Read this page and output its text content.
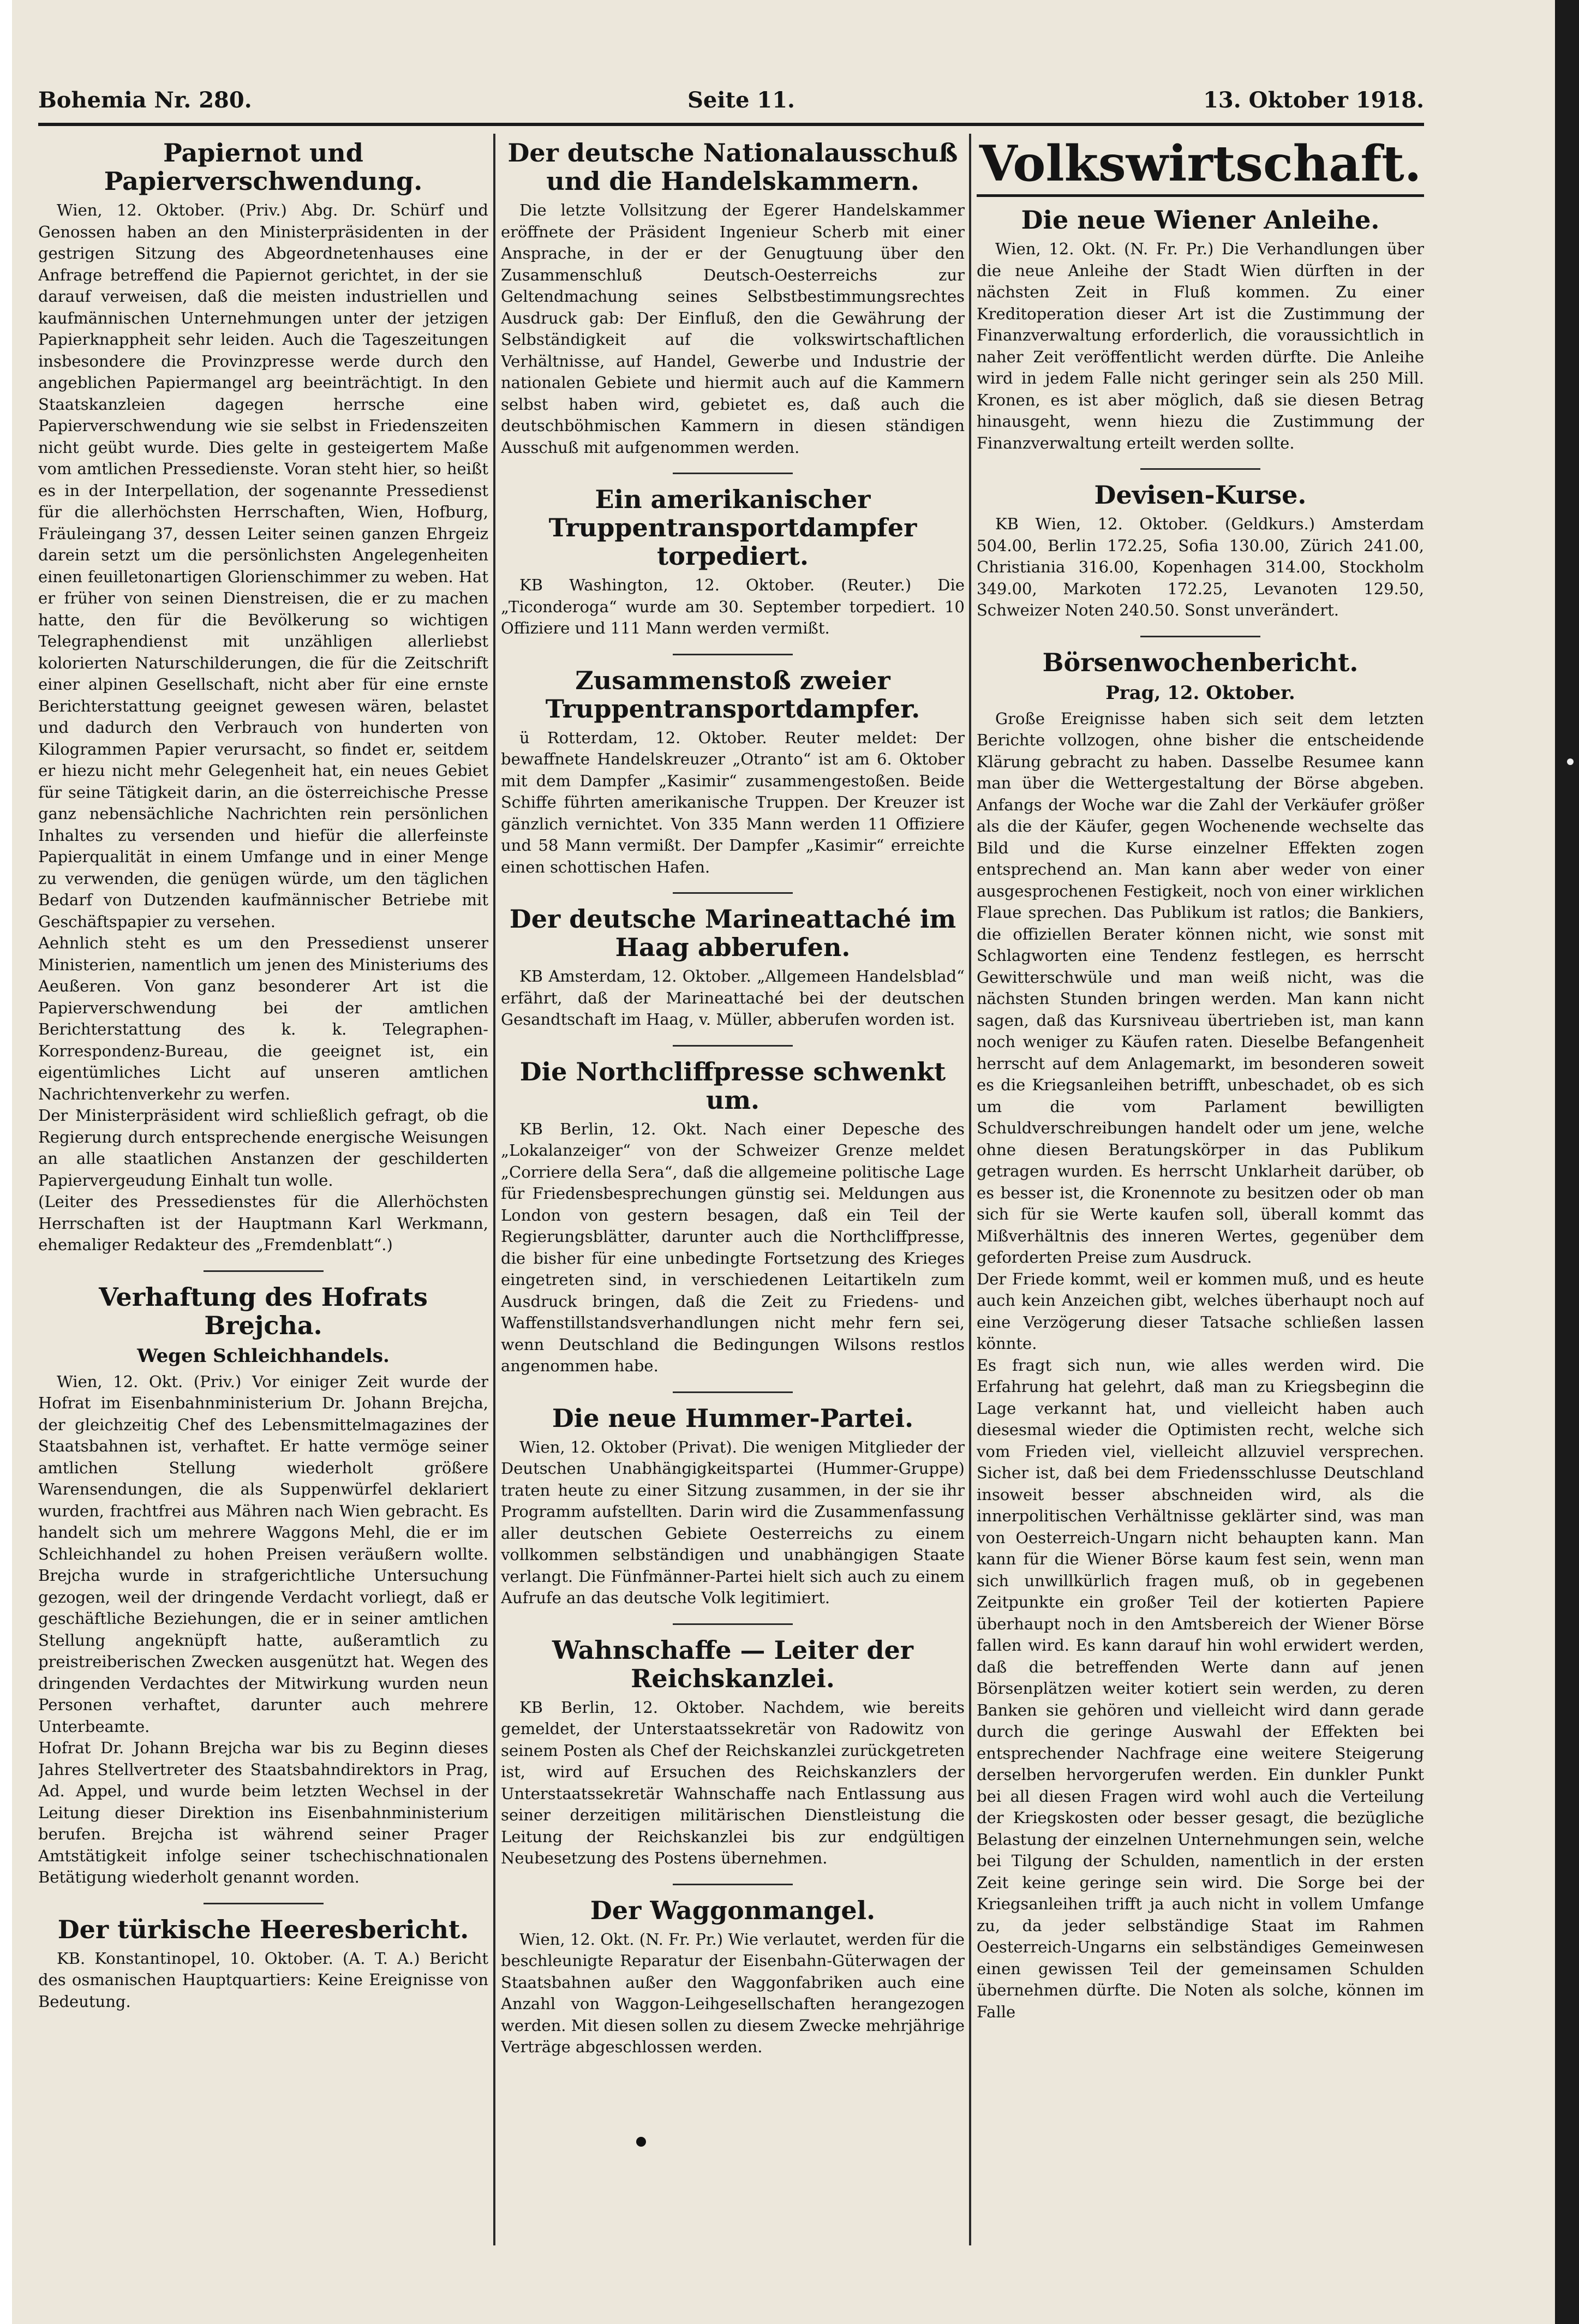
Bohemia Nr. 280.	Seite 11.	13. Oktober 1918.
Papiernot und Papierverschwendung.

Wien, 12. Oktober. (Priv.) Abg. Dr. Schürf und Genossen haben an den Ministerpräsidenten in der gestrigen Sitzung des Abgeordnetenhauses eine Anfrage betreffend die Papiernot gerichtet, in der sie darauf verweisen, daß die meisten industriellen und kaufmännischen Unternehmungen unter der jetzigen Papierknappheit sehr leiden. Auch die Tageszeitungen insbesondere die Provinzpresse werde durch den angeblichen Papiermangel arg beeinträchtigt. In den Staatskanzleien dagegen herrsche eine Papierverschwendung wie sie selbst in Friedenszeiten nicht geübt wurde. Dies gelte in gesteigertem Maße vom amtlichen Pressedienste. Voran steht hier, so heißt es in der Interpellation, der sogenannte Pressedienst für die allerhöchsten Herrschaften, Wien, Hofburg, Fräuleingang 37, dessen Leiter seinen ganzen Ehrgeiz darein setzt um die persönlichsten Angelegenheiten einen feuilletonartigen Glorienschimmer zu weben. Hat er früher von seinen Dienstreisen, die er zu machen hatte, den für die Bevölkerung so wichtigen Telegraphendienst mit unzähligen allerliebst kolorierten Naturschilderungen, die für die Zeitschrift einer alpinen Gesellschaft, nicht aber für eine ernste Berichterstattung geeignet gewesen wären, belastet und dadurch den Verbrauch von hunderten von Kilogrammen Papier verursacht, so findet er, seitdem er hiezu nicht mehr Gelegenheit hat, ein neues Gebiet für seine Tätigkeit darin, an die österreichische Presse ganz nebensächliche Nachrichten rein persönlichen Inhaltes zu versenden und hiefür die allerfeinste Papierqualität in einem Umfange und in einer Menge zu verwenden, die genügen würde, um den täglichen Bedarf von Dutzenden kaufmännischer Betriebe mit Geschäftspapier zu versehen.
Aehnlich steht es um den Pressedienst unserer Ministerien, namentlich um jenen des Ministeriums des Aeußeren. Von ganz besonderer Art ist die Papierverschwendung bei der amtlichen Berichterstattung des k. k. Telegraphen-Korrespondenz-Bureau, die geeignet ist, ein eigentümliches Licht auf unseren amtlichen Nachrichtenverkehr zu werfen.
Der Ministerpräsident wird schließlich gefragt, ob die Regierung durch entsprechende energische Weisungen an alle staatlichen Anstanzen der geschilderten Papiervergeudung Einhalt tun wolle.
(Leiter des Pressedienstes für die Allerhöchsten Herrschaften ist der Hauptmann Karl Werkmann, ehemaliger Redakteur des „Fremdenblatt“.)

Verhaftung des Hofrats Brejcha.
Wegen Schleichhandels.

Wien, 12. Okt. (Priv.) Vor einiger Zeit wurde der Hofrat im Eisenbahnministerium Dr. Johann Brejcha, der gleichzeitig Chef des Lebensmittelmagazines der Staatsbahnen ist, verhaftet. Er hatte vermöge seiner amtlichen Stellung wiederholt größere Warensendungen, die als Suppenwürfel deklariert wurden, frachtfrei aus Mähren nach Wien gebracht. Es handelt sich um mehrere Waggons Mehl, die er im Schleichhandel zu hohen Preisen veräußern wollte. Brejcha wurde in strafgerichtliche Untersuchung gezogen, weil der dringende Verdacht vorliegt, daß er geschäftliche Beziehungen, die er in seiner amtlichen Stellung angeknüpft hatte, außeramtlich zu preistreiberischen Zwecken ausgenützt hat. Wegen des dringenden Verdachtes der Mitwirkung wurden neun Personen verhaftet, darunter auch mehrere Unterbeamte.
Hofrat Dr. Johann Brejcha war bis zu Beginn dieses Jahres Stellvertreter des Staatsbahndirektors in Prag, Ad. Appel, und wurde beim letzten Wechsel in der Leitung dieser Direktion ins Eisenbahnministerium berufen. Brejcha ist während seiner Prager Amtstätigkeit infolge seiner tschechischnationalen Betätigung wiederholt genannt worden.

Der türkische Heeresbericht.

KB. Konstantinopel, 10. Oktober. (A. T. A.) Bericht des osmanischen Hauptquartiers: Keine Ereignisse von Bedeutung.

Der deutsche Nationalausschuß und die Handelskammern.

Die letzte Vollsitzung der Egerer Handelskammer eröffnete der Präsident Ingenieur Scherb mit einer Ansprache, in der er der Genugtuung über den Zusammenschluß Deutsch-Oesterreichs zur Geltendmachung seines Selbstbestimmungsrechtes Ausdruck gab: Der Einfluß, den die Gewährung der Selbständigkeit auf die volkswirtschaftlichen Verhältnisse, auf Handel, Gewerbe und Industrie der nationalen Gebiete und hiermit auch auf die Kammern selbst haben wird, gebietet es, daß auch die deutschböhmischen Kammern in diesen ständigen Ausschuß mit aufgenommen werden.

Ein amerikanischer Truppentransportdampfer torpediert.

KB Washington, 12. Oktober. (Reuter.) Die „Ticonderoga“ wurde am 30. September torpediert. 10 Offiziere und 111 Mann werden vermißt.

Zusammenstoß zweier Truppentransportdampfer.

ü Rotterdam, 12. Oktober. Reuter meldet: Der bewaffnete Handelskreuzer „Otranto“ ist am 6. Oktober mit dem Dampfer „Kasimir“ zusammengestoßen. Beide Schiffe führten amerikanische Truppen. Der Kreuzer ist gänzlich vernichtet. Von 335 Mann werden 11 Offiziere und 58 Mann vermißt. Der Dampfer „Kasimir“ erreichte einen schottischen Hafen.

Der deutsche Marineattaché im Haag abberufen.

KB Amsterdam, 12. Oktober. „Allgemeen Handelsblad“ erfährt, daß der Marineattaché bei der deutschen Gesandtschaft im Haag, v. Müller, abberufen worden ist.

Die Northcliffpresse schwenkt um.

KB Berlin, 12. Okt. Nach einer Depesche des „Lokalanzeiger“ von der Schweizer Grenze meldet „Corriere della Sera“, daß die allgemeine politische Lage für Friedensbesprechungen günstig sei. Meldungen aus London von gestern besagen, daß ein Teil der Regierungsblätter, darunter auch die Northcliffpresse, die bisher für eine unbedingte Fortsetzung des Krieges eingetreten sind, in verschiedenen Leitartikeln zum Ausdruck bringen, daß die Zeit zu Friedens- und Waffenstillstandsverhandlungen nicht mehr fern sei, wenn Deutschland die Bedingungen Wilsons restlos angenommen habe.

Die neue Hummer-Partei.

Wien, 12. Oktober (Privat). Die wenigen Mitglieder der Deutschen Unabhängigkeitspartei (Hummer-Gruppe) traten heute zu einer Sitzung zusammen, in der sie ihr Programm aufstellten. Darin wird die Zusammenfassung aller deutschen Gebiete Oesterreichs zu einem vollkommen selbständigen und unabhängigen Staate verlangt. Die Fünfmänner-Partei hielt sich auch zu einem Aufrufe an das deutsche Volk legitimiert.

Wahnschaffe — Leiter der Reichskanzlei.

KB Berlin, 12. Oktober. Nachdem, wie bereits gemeldet, der Unterstaatssekretär von Radowitz von seinem Posten als Chef der Reichskanzlei zurückgetreten ist, wird auf Ersuchen des Reichskanzlers der Unterstaatssekretär Wahnschaffe nach Entlassung aus seiner derzeitigen militärischen Dienstleistung die Leitung der Reichskanzlei bis zur endgültigen Neubesetzung des Postens übernehmen.

Der Waggonmangel.

Wien, 12. Okt. (N. Fr. Pr.) Wie verlautet, werden für die beschleunigte Reparatur der Eisenbahn-Güterwagen der Staatsbahnen außer den Waggonfabriken auch eine Anzahl von Waggon-Leihgesellschaften herangezogen werden. Mit diesen sollen zu diesem Zwecke mehrjährige Verträge abgeschlossen werden.

Volkswirtschaft.
Die neue Wiener Anleihe.

Wien, 12. Okt. (N. Fr. Pr.) Die Verhandlungen über die neue Anleihe der Stadt Wien dürften in der nächsten Zeit in Fluß kommen. Zu einer Kreditoperation dieser Art ist die Zustimmung der Finanzverwaltung erforderlich, die voraussichtlich in naher Zeit veröffentlicht werden dürfte. Die Anleihe wird in jedem Falle nicht geringer sein als 250 Mill. Kronen, es ist aber möglich, daß sie diesen Betrag hinausgeht, wenn hiezu die Zustimmung der Finanzverwaltung erteilt werden sollte.

Devisen-Kurse.

KB Wien, 12. Oktober. (Geldkurs.) Amsterdam 504.00, Berlin 172.25, Sofia 130.00, Zürich 241.00, Christiania 316.00, Kopenhagen 314.00, Stockholm 349.00, Markoten 172.25, Levanoten 129.50, Schweizer Noten 240.50. Sonst unverändert.

Börsenwochenbericht.
Prag, 12. Oktober.

Große Ereignisse haben sich seit dem letzten Berichte vollzogen, ohne bisher die entscheidende Klärung gebracht zu haben. Dasselbe Resumee kann man über die Wettergestaltung der Börse abgeben. Anfangs der Woche war die Zahl der Verkäufer größer als die der Käufer, gegen Wochenende wechselte das Bild und die Kurse einzelner Effekten zogen entsprechend an. Man kann aber weder von einer ausgesprochenen Festigkeit, noch von einer wirklichen Flaue sprechen. Das Publikum ist ratlos; die Bankiers, die offiziellen Berater können nicht, wie sonst mit Schlagworten eine Tendenz festlegen, es herrscht Gewitterschwüle und man weiß nicht, was die nächsten Stunden bringen werden. Man kann nicht sagen, daß das Kursniveau übertrieben ist, man kann noch weniger zu Käufen raten. Dieselbe Befangenheit herrscht auf dem Anlagemarkt, im besonderen soweit es die Kriegsanleihen betrifft, unbeschadet, ob es sich um die vom Parlament bewilligten Schuldverschreibungen handelt oder um jene, welche ohne diesen Beratungskörper in das Publikum getragen wurden. Es herrscht Unklarheit darüber, ob es besser ist, die Kronennote zu besitzen oder ob man sich für sie Werte kaufen soll, überall kommt das Mißverhältnis des inneren Wertes, gegenüber dem geforderten Preise zum Ausdruck.
Der Friede kommt, weil er kommen muß, und es heute auch kein Anzeichen gibt, welches überhaupt noch auf eine Verzögerung dieser Tatsache schließen lassen könnte.
Es fragt sich nun, wie alles werden wird. Die Erfahrung hat gelehrt, daß man zu Kriegsbeginn die Lage verkannt hat, und vielleicht haben auch diesesmal wieder die Optimisten recht, welche sich vom Frieden viel, vielleicht allzuviel versprechen. Sicher ist, daß bei dem Friedensschlusse Deutschland insoweit besser abschneiden wird, als die innerpolitischen Verhältnisse geklärter sind, was man von Oesterreich-Ungarn nicht behaupten kann. Man kann für die Wiener Börse kaum fest sein, wenn man sich unwillkürlich fragen muß, ob in gegebenen Zeitpunkte ein großer Teil der kotierten Papiere überhaupt noch in den Amtsbereich der Wiener Börse fallen wird. Es kann darauf hin wohl erwidert werden, daß die betreffenden Werte dann auf jenen Börsenplätzen weiter kotiert sein werden, zu deren Banken sie gehören und vielleicht wird dann gerade durch die geringe Auswahl der Effekten bei entsprechender Nachfrage eine weitere Steigerung derselben hervorgerufen werden. Ein dunkler Punkt bei all diesen Fragen wird wohl auch die Verteilung der Kriegskosten oder besser gesagt, die bezügliche Belastung der einzelnen Unternehmungen sein, welche bei Tilgung der Schulden, namentlich in der ersten Zeit keine geringe sein wird. Die Sorge bei der Kriegsanleihen trifft ja auch nicht in vollem Umfange zu, da jeder selbständige Staat im Rahmen Oesterreich-Ungarns ein selbständiges Gemeinwesen einen gewissen Teil der gemeinsamen Schulden übernehmen dürfte. Die Noten als solche, können im Falle
